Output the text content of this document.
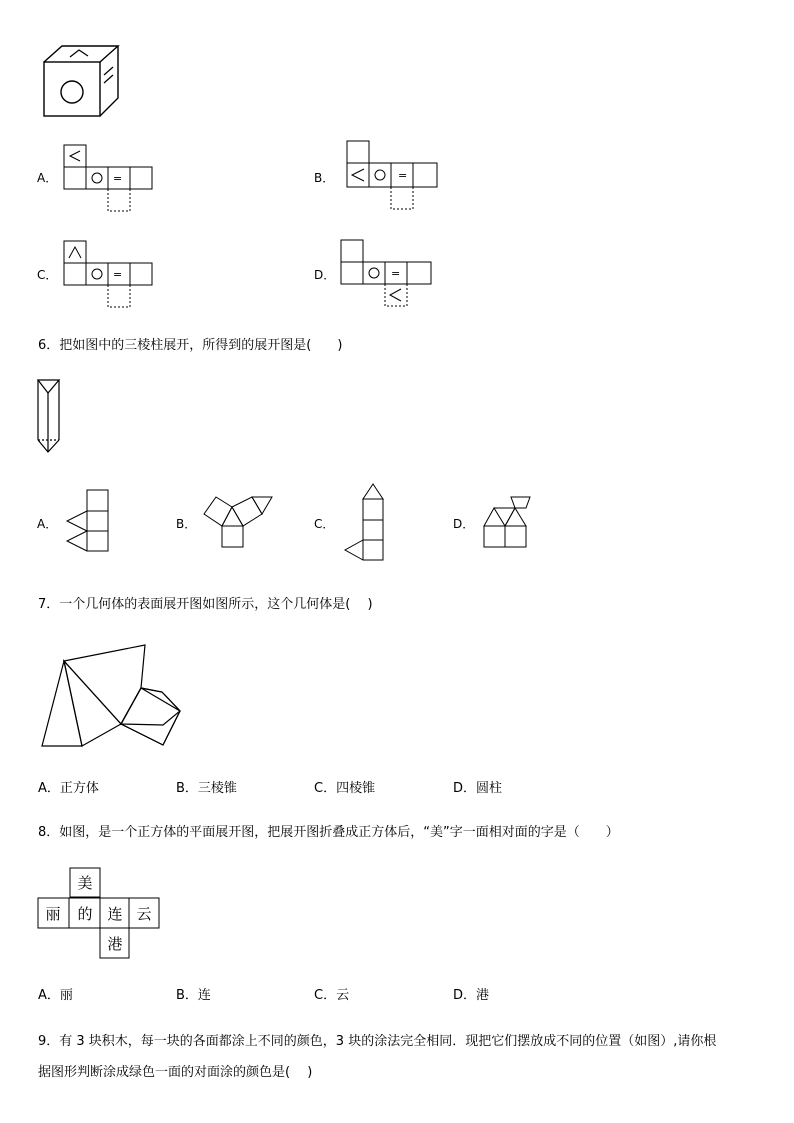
=	=
=	=
A．	B．
C．	D．
6．把如图中的三棱柱展开，所得到的展开图是(　　)
A．	B．	C．	D．
7．一个几何体的表面展开图如图所示，这个几何体是(　 )
A．正方体	B．三棱锥	C．四棱锥	D．圆柱
8．如图，是一个正方体的平面展开图，把展开图折叠成正方体后，“美”字一面相对面的字是（　　）
美
丽 的 连 云
港
A．丽	B．连	C．云	D．港
9．有 3 块积木，每一块的各面都涂上不同的颜色，3 块的涂法完全相同．现把它们摆放成不同的位置（如图）,请你根
据图形判断涂成绿色一面的对面涂的颜色是(　 )
